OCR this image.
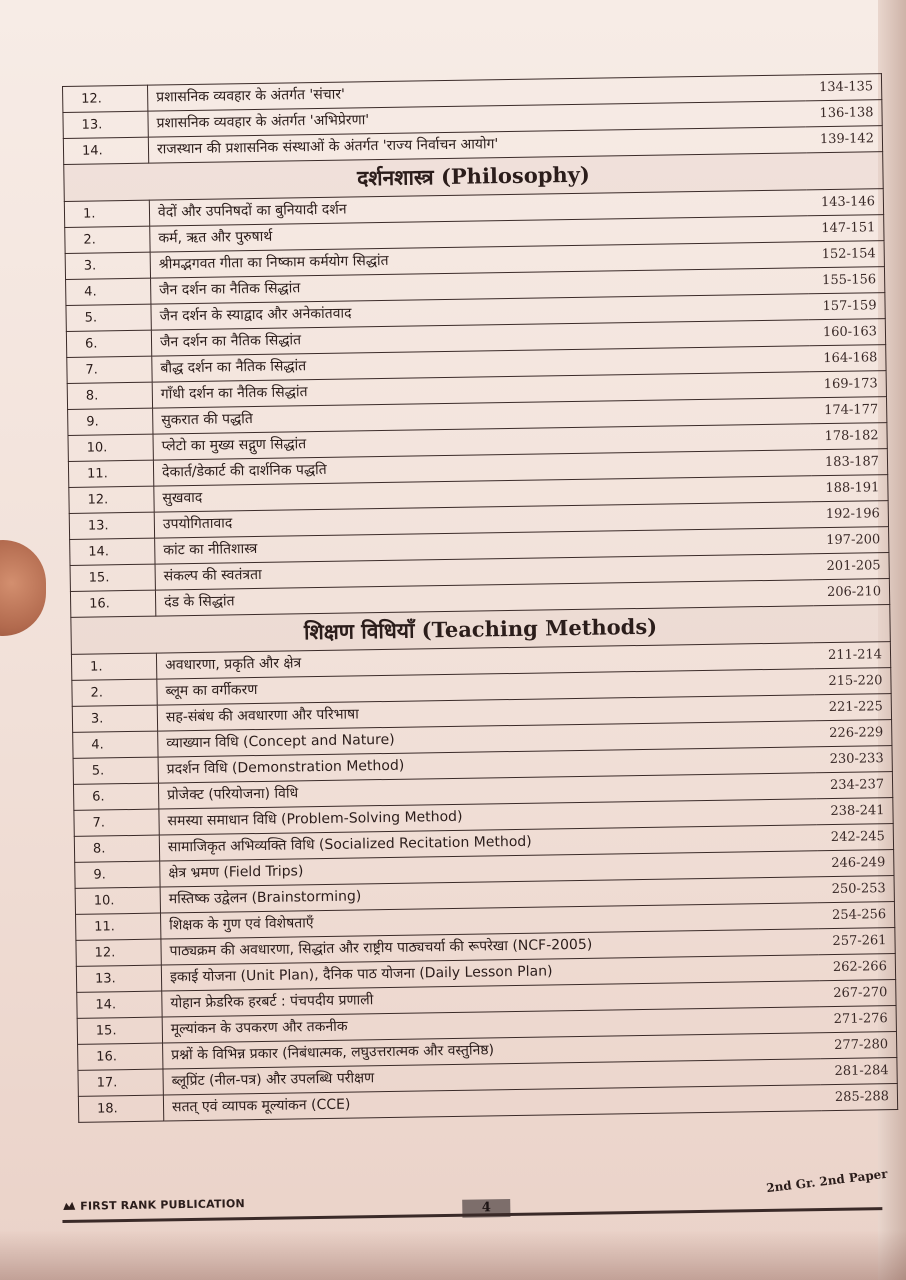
12.	प्रशासनिक व्यवहार के अंतर्गत 'संचार'	134-135
13.	प्रशासनिक व्यवहार के अंतर्गत 'अभिप्रेरणा'	136-138
14.	राजस्थान की प्रशासनिक संस्थाओं के अंतर्गत 'राज्य निर्वाचन आयोग'	139-142
दर्शनशास्त्र (Philosophy)		
1.	वेदों और उपनिषदों का बुनियादी दर्शन	143-146
2.	कर्म, ऋत और पुरुषार्थ	147-151
3.	श्रीमद्भगवत गीता का निष्काम कर्मयोग सिद्धांत	152-154
4.	जैन दर्शन का नैतिक सिद्धांत	155-156
5.	जैन दर्शन के स्याद्वाद और अनेकांतवाद	157-159
6.	जैन दर्शन का नैतिक सिद्धांत	160-163
7.	बौद्ध दर्शन का नैतिक सिद्धांत	164-168
8.	गाँधी दर्शन का नैतिक सिद्धांत	169-173
9.	सुकरात की पद्धति	174-177
10.	प्लेटो का मुख्य सद्गुण सिद्धांत	178-182
11.	देकार्त/डेकार्ट की दार्शनिक पद्धति	183-187
12.	सुखवाद	188-191
13.	उपयोगितावाद	192-196
14.	कांट का नीतिशास्त्र	197-200
15.	संकल्प की स्वतंत्रता	201-205
16.	दंड के सिद्धांत	206-210
शिक्षण विधियाँ (Teaching Methods)		
1.	अवधारणा, प्रकृति और क्षेत्र	211-214
2.	ब्लूम का वर्गीकरण	215-220
3.	सह-संबंध की अवधारणा और परिभाषा	221-225
4.	व्याख्यान विधि (Concept and Nature)	226-229
5.	प्रदर्शन विधि (Demonstration Method)	230-233
6.	प्रोजेक्ट (परियोजना) विधि	234-237
7.	समस्या समाधान विधि (Problem-Solving Method)	238-241
8.	सामाजिकृत अभिव्यक्ति विधि (Socialized Recitation Method)	242-245
9.	क्षेत्र भ्रमण (Field Trips)	246-249
10.	मस्तिष्क उद्वेलन (Brainstorming)	250-253
11.	शिक्षक के गुण एवं विशेषताएँ	254-256
12.	पाठ्यक्रम की अवधारणा, सिद्धांत और राष्ट्रीय पाठ्यचर्या की रूपरेखा (NCF-2005)	257-261
13.	इकाई योजना (Unit Plan), दैनिक पाठ योजना (Daily Lesson Plan)	262-266
14.	योहान फ्रेडरिक हरबर्ट : पंचपदीय प्रणाली	267-270
15.	मूल्यांकन के उपकरण और तकनीक	271-276
16.	प्रश्नों के विभिन्न प्रकार (निबंधात्मक, लघुउत्तरात्मक और वस्तुनिष्ठ)	277-280
17.	ब्लूप्रिंट (नील-पत्र) और उपलब्धि परीक्षण	281-284
18.	सतत् एवं व्यापक मूल्यांकन (CCE)	285-288
FIRST RANK PUBLICATION	4
2nd Gr. 2nd Paper
